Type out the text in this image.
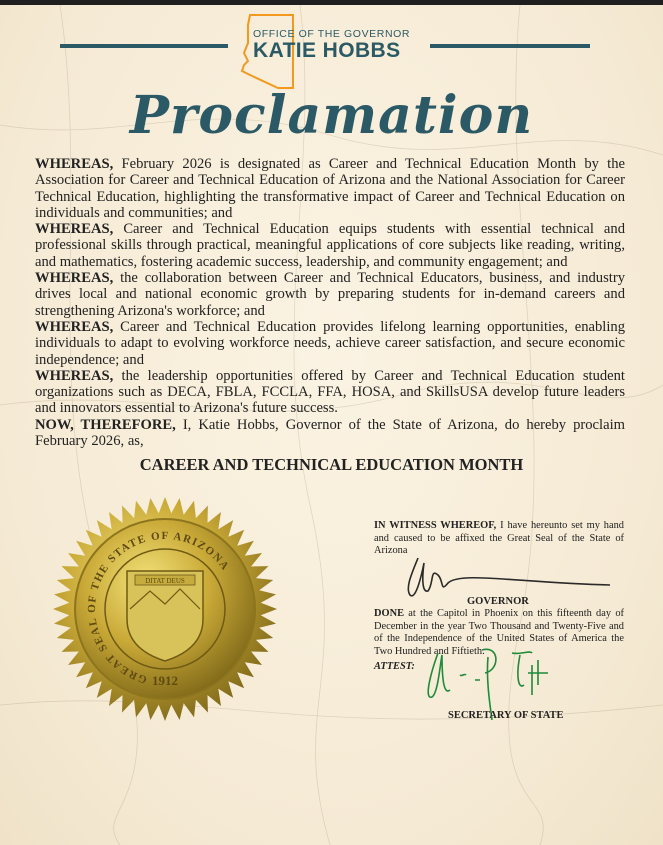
OFFICE OF THE GOVERNOR
KATIE HOBBS
Proclamation

WHEREAS, February 2026 is designated as Career and Technical Education Month by the Association for Career and Technical Education of Arizona and the National Association for Career Technical Education, highlighting the transformative impact of Career and Technical Education on individuals and communities; and

WHEREAS, Career and Technical Education equips students with essential technical and professional skills through practical, meaningful applications of core subjects like reading, writing, and mathematics, fostering academic success, leadership, and community engagement; and

WHEREAS, the collaboration between Career and Technical Educators, business, and industry drives local and national economic growth by preparing students for in-demand careers and strengthening Arizona's workforce; and

WHEREAS, Career and Technical Education provides lifelong learning opportunities, enabling individuals to adapt to evolving workforce needs, achieve career satisfaction, and secure economic independence; and

WHEREAS, the leadership opportunities offered by Career and Technical Education student organizations such as DECA, FBLA, FCCLA, FFA, HOSA, and SkillsUSA develop future leaders and innovators essential to Arizona's future success.

NOW, THEREFORE, I, Katie Hobbs, Governor of the State of Arizona, do hereby proclaim February 2026, as,

CAREER AND TECHNICAL EDUCATION MONTH
GREAT SEAL OF THE STATE OF ARIZONA
DITAT DEUS
1912
IN WITNESS WHEREOF, I have hereunto set my hand and caused to be affixed the Great Seal of the State of Arizona
GOVERNOR
DONE at the Capitol in Phoenix on this fifteenth day of December in the year Two Thousand and Twenty-Five and of the Independence of the United States of America the Two Hundred and Fiftieth.
ATTEST:
SECRETARY OF STATE
